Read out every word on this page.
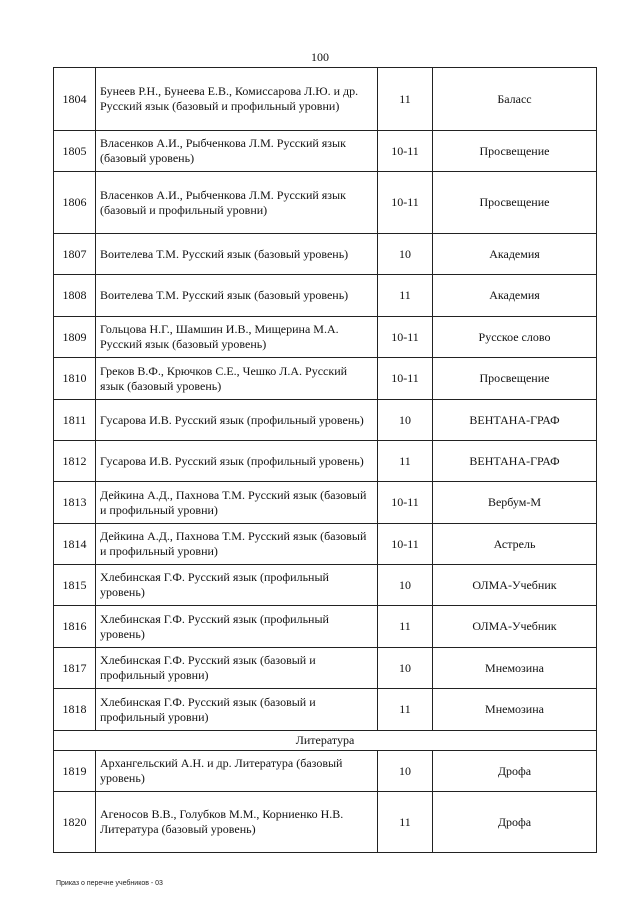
100
1804	Бунеев Р.Н., Бунеева Е.В., Комиссарова Л.Ю. и др. Русский язык (базовый и профильный уровни)	11	Баласс
1805	Власенков А.И., Рыбченкова Л.М. Русский язык (базовый уровень)	10-11	Просвещение
1806	Власенков А.И., Рыбченкова Л.М. Русский язык (базовый и профильный уровни)	10-11	Просвещение
1807	Воителева Т.М. Русский язык (базовый уровень)	10	Академия
1808	Воителева Т.М. Русский язык (базовый уровень)	11	Академия
1809	Гольцова Н.Г., Шамшин И.В., Мищерина М.А. Русский язык (базовый уровень)	10-11	Русское слово
1810	Греков В.Ф., Крючков С.Е., Чешко Л.А. Русский язык (базовый уровень)	10-11	Просвещение
1811	Гусарова И.В. Русский язык (профильный уровень)	10	ВЕНТАНА-ГРАФ
1812	Гусарова И.В. Русский язык (профильный уровень)	11	ВЕНТАНА-ГРАФ
1813	Дейкина А.Д., Пахнова Т.М. Русский язык (базовый и профильный уровни)	10-11	Вербум-М
1814	Дейкина А.Д., Пахнова Т.М. Русский язык (базовый и профильный уровни)	10-11	Астрель
1815	Хлебинская Г.Ф. Русский язык (профильный уровень)	10	ОЛМА-Учебник
1816	Хлебинская Г.Ф. Русский язык (профильный уровень)	11	ОЛМА-Учебник
1817	Хлебинская Г.Ф. Русский язык (базовый и профильный уровни)	10	Мнемозина
1818	Хлебинская Г.Ф. Русский язык (базовый и профильный уровни)	11	Мнемозина
Литература			
1819	Архангельский А.Н. и др. Литература (базовый уровень)	10	Дрофа
1820	Агеносов В.В., Голубков М.М., Корниенко Н.В. Литература (базовый уровень)	11	Дрофа
Приказ о перечне учебников - 03
